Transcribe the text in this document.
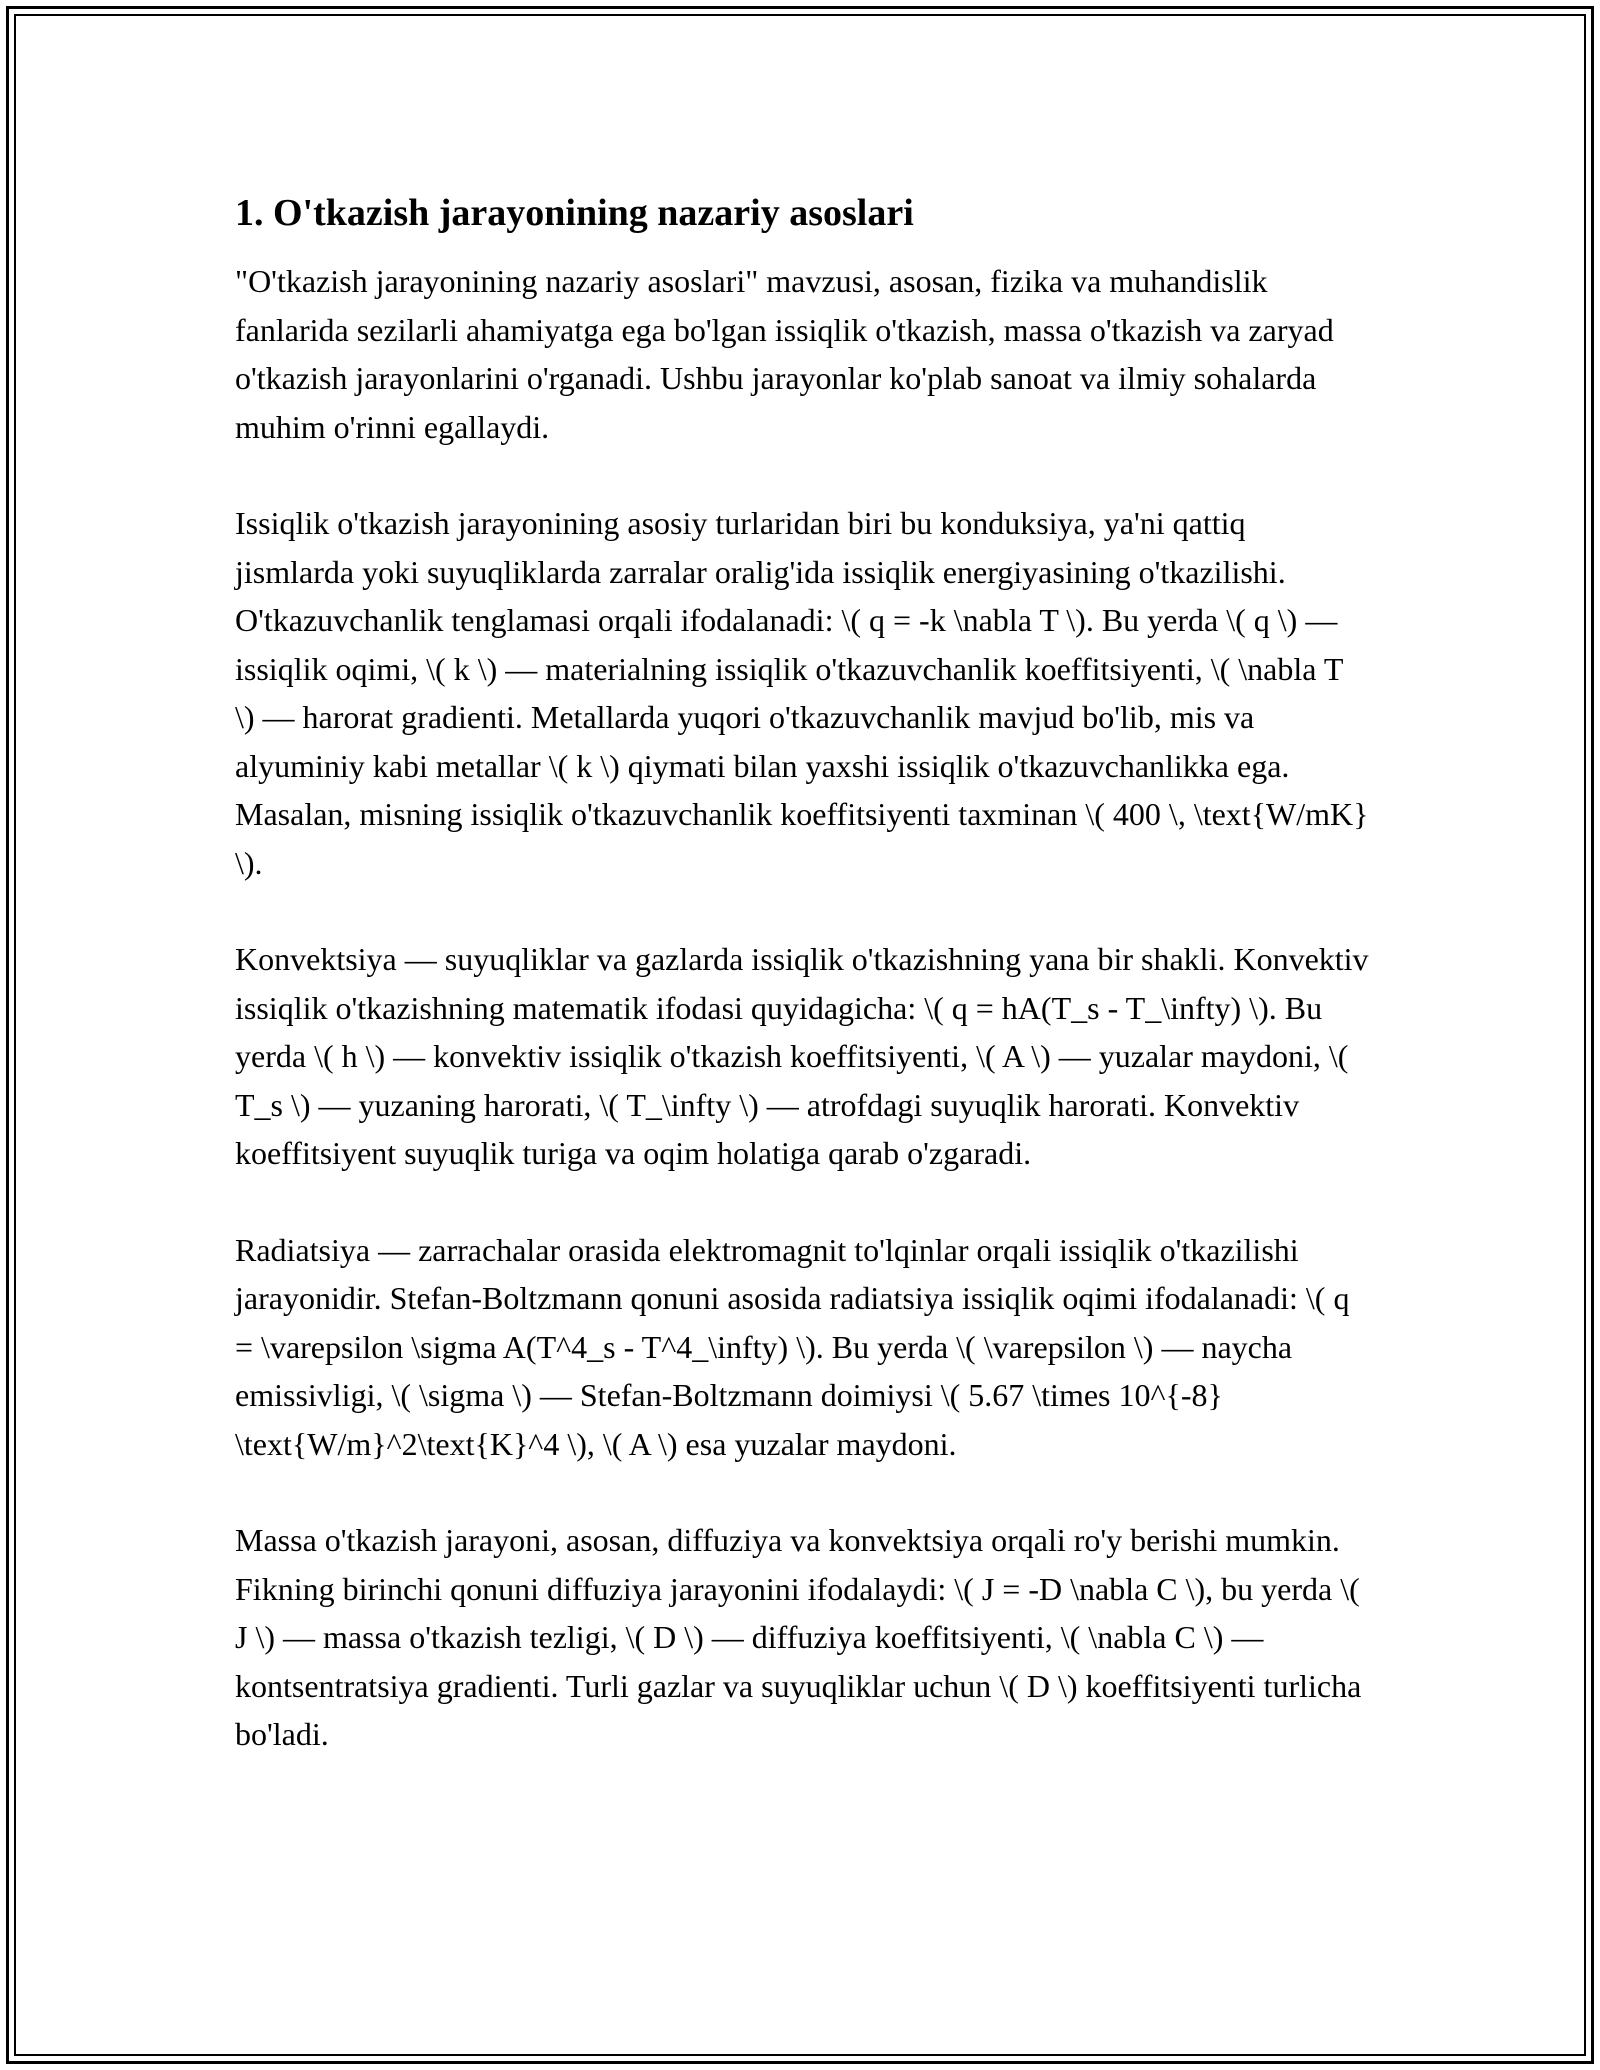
1. O'tkazish jarayonining nazariy asoslari

"O'tkazish jarayonining nazariy asoslari" mavzusi, asosan, fizika va muhandislik fanlarida sezilarli ahamiyatga ega bo'lgan issiqlik o'tkazish, massa o'tkazish va zaryad o'tkazish jarayonlarini o'rganadi. Ushbu jarayonlar ko'plab sanoat va ilmiy sohalarda muhim o'rinni egallaydi.

Issiqlik o'tkazish jarayonining asosiy turlaridan biri bu konduksiya, ya'ni qattiq jismlarda yoki suyuqliklarda zarralar oralig'ida issiqlik energiyasining o'tkazilishi. O'tkazuvchanlik tenglamasi orqali ifodalanadi: \( q = -k \nabla T \). Bu yerda \( q \) — issiqlik oqimi, \( k \) — materialning issiqlik o'tkazuvchanlik koeffitsiyenti, \( \nabla T \) — harorat gradienti. Metallarda yuqori o'tkazuvchanlik mavjud bo'lib, mis va alyuminiy kabi metallar \( k \) qiymati bilan yaxshi issiqlik o'tkazuvchanlikka ega. Masalan, misning issiqlik o'tkazuvchanlik koeffitsiyenti taxminan \( 400 \, \text{W/mK} \).

Konvektsiya — suyuqliklar va gazlarda issiqlik o'tkazishning yana bir shakli. Konvektiv issiqlik o'tkazishning matematik ifodasi quyidagicha: \( q = hA(T_s - T_\infty) \). Bu yerda \( h \) — konvektiv issiqlik o'tkazish koeffitsiyenti, \( A \) — yuzalar maydoni, \( T_s \) — yuzaning harorati, \( T_\infty \) — atrofdagi suyuqlik harorati. Konvektiv koeffitsiyent suyuqlik turiga va oqim holatiga qarab o'zgaradi.

Radiatsiya — zarrachalar orasida elektromagnit to'lqinlar orqali issiqlik o'tkazilishi jarayonidir. Stefan-Boltzmann qonuni asosida radiatsiya issiqlik oqimi ifodalanadi: \( q = \varepsilon \sigma A(T^4_s - T^4_\infty) \). Bu yerda \( \varepsilon \) — naycha emissivligi, \( \sigma \) — Stefan-Boltzmann doimiysi \( 5.67 \times 10^{-8} \text{W/m}^2\text{K}^4 \), \( A \) esa yuzalar maydoni.

Massa o'tkazish jarayoni, asosan, diffuziya va konvektsiya orqali ro'y berishi mumkin. Fikning birinchi qonuni diffuziya jarayonini ifodalaydi: \( J = -D \nabla C \), bu yerda \( J \) — massa o'tkazish tezligi, \( D \) — diffuziya koeffitsiyenti, \( \nabla C \) — kontsentratsiya gradienti. Turli gazlar va suyuqliklar uchun \( D \) koeffitsiyenti turlicha bo'ladi.
